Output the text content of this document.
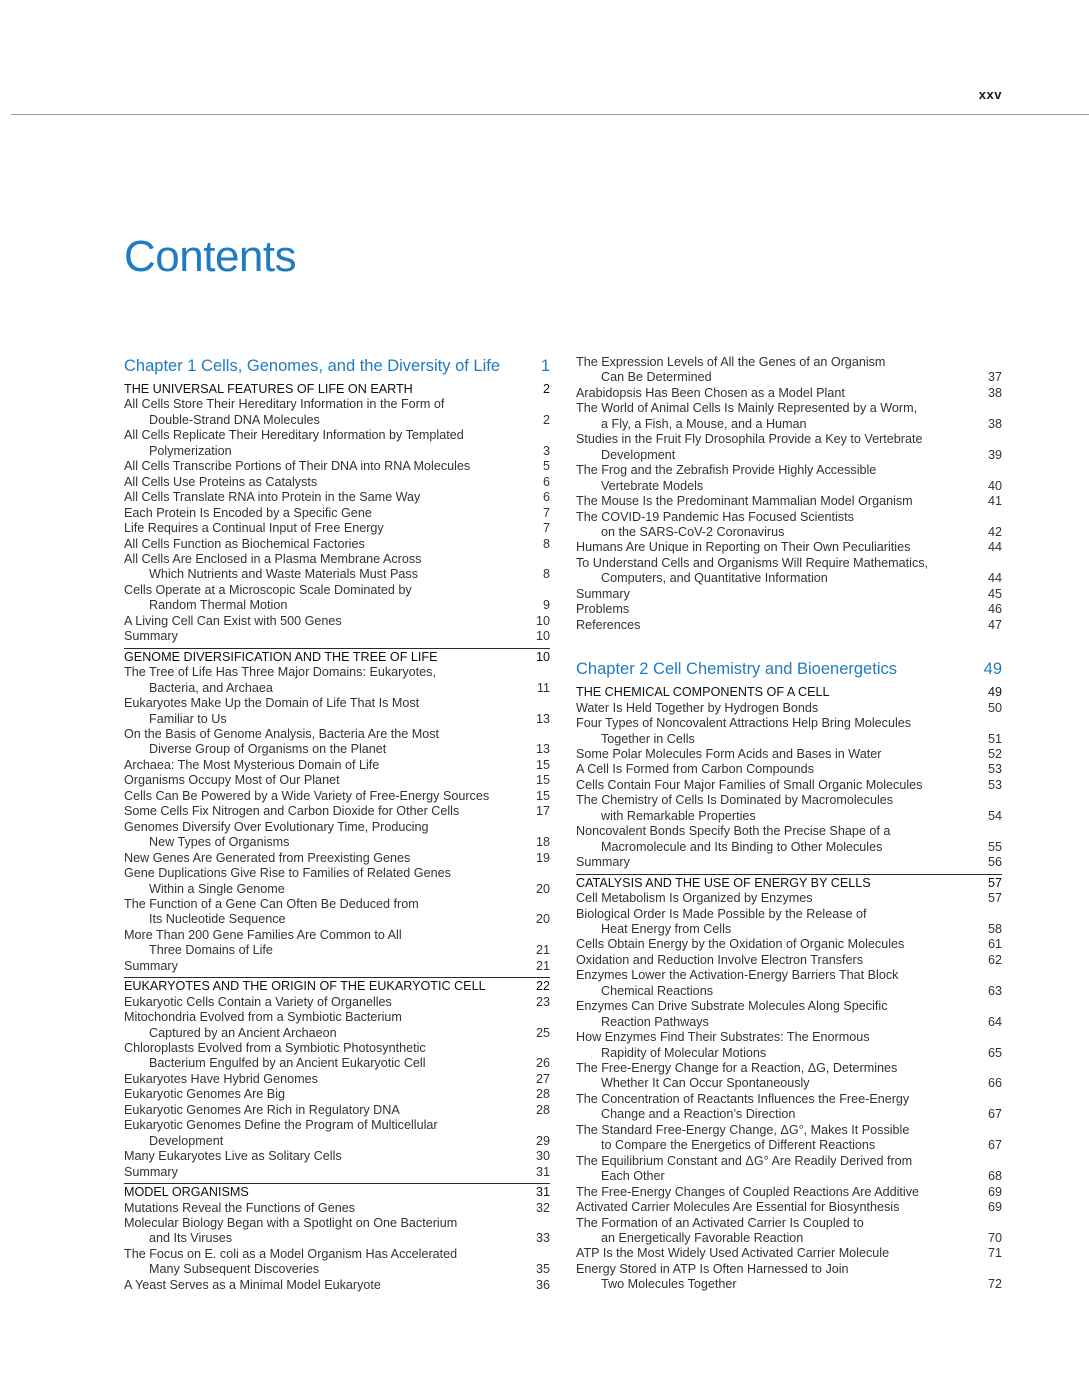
xxv
Contents
Chapter 1 Cells, Genomes, and the Diversity of Life 1
THE UNIVERSAL FEATURES OF LIFE ON EARTH	2
All Cells Store Their Hereditary Information in the Form of
Double-Strand DNA Molecules	2
All Cells Replicate Their Hereditary Information by Templated
Polymerization	3
All Cells Transcribe Portions of Their DNA into RNA Molecules	5
All Cells Use Proteins as Catalysts	6
All Cells Translate RNA into Protein in the Same Way	6
Each Protein Is Encoded by a Specific Gene	7
Life Requires a Continual Input of Free Energy	7
All Cells Function as Biochemical Factories	8
All Cells Are Enclosed in a Plasma Membrane Across
Which Nutrients and Waste Materials Must Pass	8
Cells Operate at a Microscopic Scale Dominated by
Random Thermal Motion	9
A Living Cell Can Exist with 500 Genes	10
Summary	10
GENOME DIVERSIFICATION AND THE TREE OF LIFE	10
The Tree of Life Has Three Major Domains: Eukaryotes,
Bacteria, and Archaea	11
Eukaryotes Make Up the Domain of Life That Is Most
Familiar to Us	13
On the Basis of Genome Analysis, Bacteria Are the Most
Diverse Group of Organisms on the Planet	13
Archaea: The Most Mysterious Domain of Life	15
Organisms Occupy Most of Our Planet	15
Cells Can Be Powered by a Wide Variety of Free-Energy Sources	15
Some Cells Fix Nitrogen and Carbon Dioxide for Other Cells	17
Genomes Diversify Over Evolutionary Time, Producing
New Types of Organisms	18
New Genes Are Generated from Preexisting Genes	19
Gene Duplications Give Rise to Families of Related Genes
Within a Single Genome	20
The Function of a Gene Can Often Be Deduced from
Its Nucleotide Sequence	20
More Than 200 Gene Families Are Common to All
Three Domains of Life	21
Summary	21
EUKARYOTES AND THE ORIGIN OF THE EUKARYOTIC CELL	22
Eukaryotic Cells Contain a Variety of Organelles	23
Mitochondria Evolved from a Symbiotic Bacterium
Captured by an Ancient Archaeon	25
Chloroplasts Evolved from a Symbiotic Photosynthetic
Bacterium Engulfed by an Ancient Eukaryotic Cell	26
Eukaryotes Have Hybrid Genomes	27
Eukaryotic Genomes Are Big	28
Eukaryotic Genomes Are Rich in Regulatory DNA	28
Eukaryotic Genomes Define the Program of Multicellular
Development	29
Many Eukaryotes Live as Solitary Cells	30
Summary	31
MODEL ORGANISMS	31
Mutations Reveal the Functions of Genes	32
Molecular Biology Began with a Spotlight on One Bacterium
and Its Viruses	33
The Focus on E. coli as a Model Organism Has Accelerated
Many Subsequent Discoveries	35
A Yeast Serves as a Minimal Model Eukaryote	36
The Expression Levels of All the Genes of an Organism
Can Be Determined	37
Arabidopsis Has Been Chosen as a Model Plant	38
The World of Animal Cells Is Mainly Represented by a Worm,
a Fly, a Fish, a Mouse, and a Human	38
Studies in the Fruit Fly Drosophila Provide a Key to Vertebrate
Development	39
The Frog and the Zebrafish Provide Highly Accessible
Vertebrate Models	40
The Mouse Is the Predominant Mammalian Model Organism	41
The COVID-19 Pandemic Has Focused Scientists
on the SARS-CoV-2 Coronavirus	42
Humans Are Unique in Reporting on Their Own Peculiarities	44
To Understand Cells and Organisms Will Require Mathematics,
Computers, and Quantitative Information	44
Summary	45
Problems	46
References	47
Chapter 2 Cell Chemistry and Bioenergetics	49
THE CHEMICAL COMPONENTS OF A CELL	49
Water Is Held Together by Hydrogen Bonds	50
Four Types of Noncovalent Attractions Help Bring Molecules
Together in Cells	51
Some Polar Molecules Form Acids and Bases in Water	52
A Cell Is Formed from Carbon Compounds	53
Cells Contain Four Major Families of Small Organic Molecules	53
The Chemistry of Cells Is Dominated by Macromolecules
with Remarkable Properties	54
Noncovalent Bonds Specify Both the Precise Shape of a
Macromolecule and Its Binding to Other Molecules	55
Summary	56
CATALYSIS AND THE USE OF ENERGY BY CELLS	57
Cell Metabolism Is Organized by Enzymes	57
Biological Order Is Made Possible by the Release of
Heat Energy from Cells	58
Cells Obtain Energy by the Oxidation of Organic Molecules	61
Oxidation and Reduction Involve Electron Transfers	62
Enzymes Lower the Activation-Energy Barriers That Block
Chemical Reactions	63
Enzymes Can Drive Substrate Molecules Along Specific
Reaction Pathways	64
How Enzymes Find Their Substrates: The Enormous
Rapidity of Molecular Motions	65
The Free-Energy Change for a Reaction, ΔG, Determines
Whether It Can Occur Spontaneously	66
The Concentration of Reactants Influences the Free-Energy
Change and a Reaction’s Direction	67
The Standard Free-Energy Change, ΔG°, Makes It Possible
to Compare the Energetics of Different Reactions	67
The Equilibrium Constant and ΔG° Are Readily Derived from
Each Other	68
The Free-Energy Changes of Coupled Reactions Are Additive	69
Activated Carrier Molecules Are Essential for Biosynthesis	69
The Formation of an Activated Carrier Is Coupled to
an Energetically Favorable Reaction	70
ATP Is the Most Widely Used Activated Carrier Molecule	71
Energy Stored in ATP Is Often Harnessed to Join
Two Molecules Together	72
